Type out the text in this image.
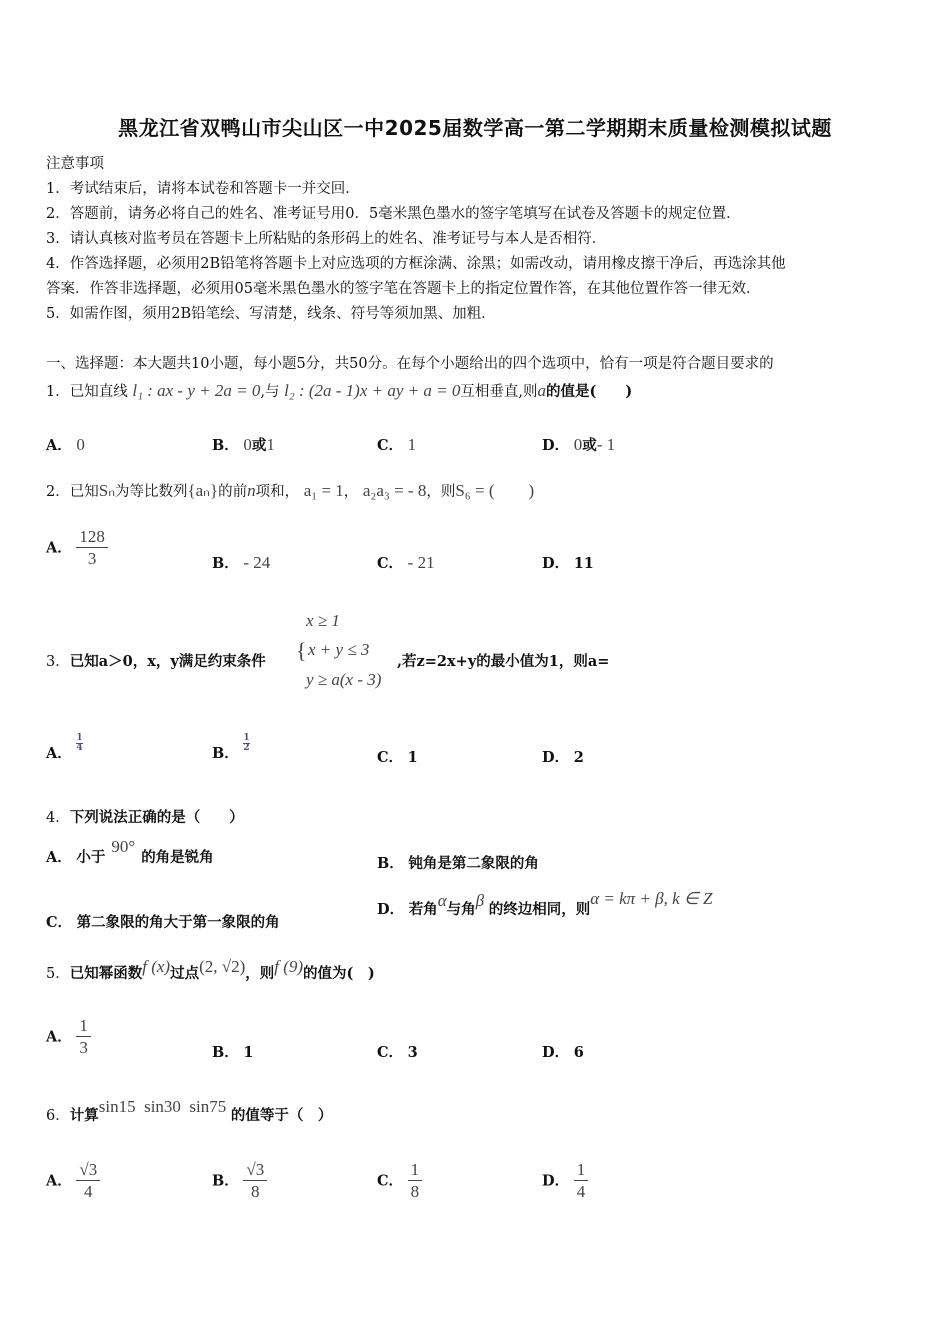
黑龙江省双鸭山市尖山区一中2025届数学高一第二学期期末质量检测模拟试题
注意事项
1．考试结束后，请将本试卷和答题卡一并交回．
2．答题前，请务必将自己的姓名、准考证号用0．5毫米黑色墨水的签字笔填写在试卷及答题卡的规定位置．
3．请认真核对监考员在答题卡上所粘贴的条形码上的姓名、准考证号与本人是否相符．
4．作答选择题，必须用2B铅笔将答题卡上对应选项的方框涂满、涂黑；如需改动，请用橡皮擦干净后，再选涂其他
答案．作答非选择题，必须用05毫米黑色墨水的签字笔在答题卡上的指定位置作答，在其他位置作答一律无效．
5．如需作图，须用2B铅笔绘、写清楚，线条、符号等须加黑、加粗．
一、选择题：本大题共10小题，每小题5分，共50分。在每个小题给出的四个选项中，恰有一项是符合题目要求的
1．已知直线 l₁ : ax - y + 2a = 0,与 l₂ : (2a - 1)x + ay + a = 0互相垂直,则a的值是(　　)
A． 0	B． 0或1	C． 1	D． 0或- 1
2．已知Sₙ为等比数列{aₙ}的前n项和， a₁ = 1， a₂a₃ = - 8，则S₆ = (　　)
A． $\frac{128}{3}$	B． - 24	C． - 21	D． 11
x ≥ 1
{ x + y ≤ 3
y ≥ a(x - 3)
3．已知a＞0，x，y满足约束条件	,若z=2x+y的最小值为1，则a=
A．
$\frac{1}{4}$
B．
$\frac{1}{2}$
C． 1	D． 2
4．下列说法正确的是（　　）
A． 小于90°的角是锐角	B． 钝角是第二象限的角
C． 第二象限的角大于第一象限的角
D． 若角α与角β 的终边相同，则α = kπ + β, k ∈ Z
5．已知幂函数f (x)过点(2, √2)，则f (9)的值为(　)
A． $\frac{1}{3}$	B． 1	C． 3	D． 6
6．计算sin15  sin30  sin75 的值等于（　）
A． $\frac{√3}{4}$	B． $\frac{√3}{8}$	C． $\frac{1}{8}$	D． $\frac{1}{4}$
